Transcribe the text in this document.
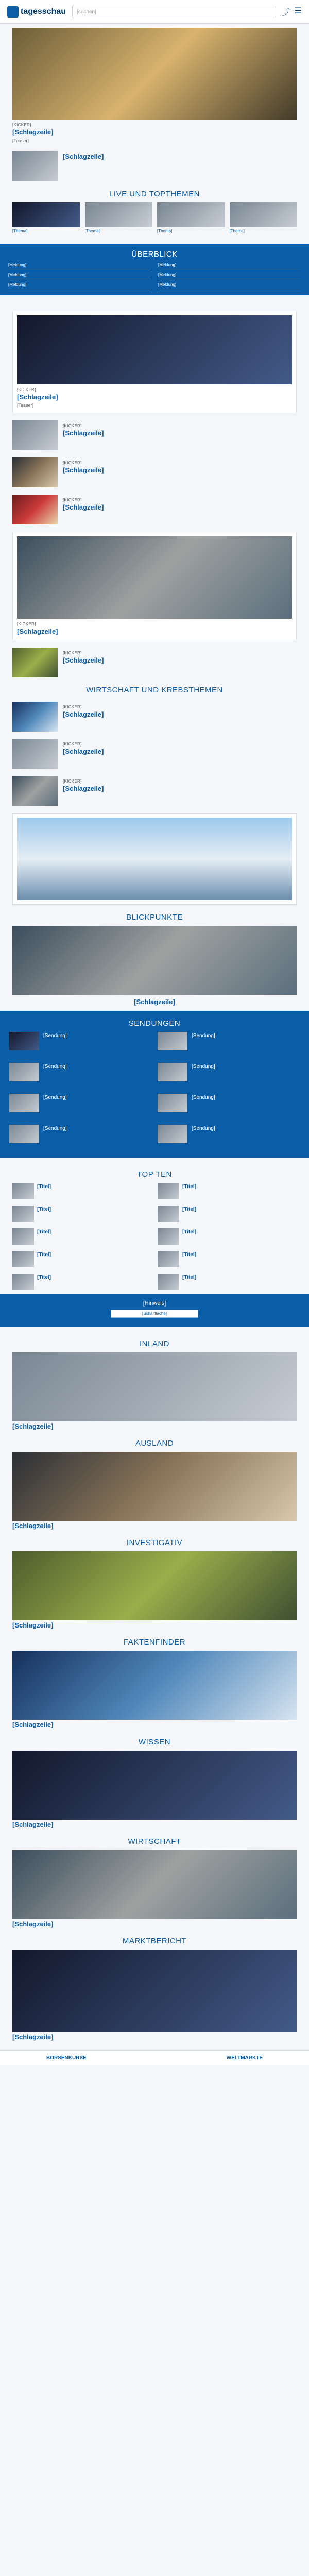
tagesschau	[suchen]	⤴ ☰
[KICKER]
[Schlagzeile]
[Teaser]
[Schlagzeile]
LIVE UND TOPTHEMEN
[Thema]	[Thema]	[Thema]	[Thema]
ÜBERBLICK
[Meldung]	[Meldung]
[Meldung]	[Meldung]
[Meldung]	[Meldung]
[KICKER]
[Schlagzeile]
[Teaser]
[KICKER]
[Schlagzeile]
[KICKER]
[Schlagzeile]
[KICKER]
[Schlagzeile]
[KICKER]
[Schlagzeile]
[KICKER]
[Schlagzeile]
WIRTSCHAFT UND KREBSTHEMEN
[KICKER]
[Schlagzeile]
[KICKER]
[Schlagzeile]
[KICKER]
[Schlagzeile]
BLICKPUNKTE
[Schlagzeile]
SENDUNGEN
[Sendung]	[Sendung]
[Sendung]	[Sendung]
[Sendung]	[Sendung]
[Sendung]	[Sendung]
TOP TEN
[Titel]	[Titel]
[Titel]	[Titel]
[Titel]	[Titel]
[Titel]	[Titel]
[Titel]	[Titel]
[Hinweis]
[Schaltfläche]
INLAND
[Schlagzeile]
AUSLAND
[Schlagzeile]
INVESTIGATIV
[Schlagzeile]
FAKTENFINDER
[Schlagzeile]
WISSEN
[Schlagzeile]
WIRTSCHAFT
[Schlagzeile]
MARKTBERICHT
[Schlagzeile]
BÖRSENKURSE	WELTMARKTE
